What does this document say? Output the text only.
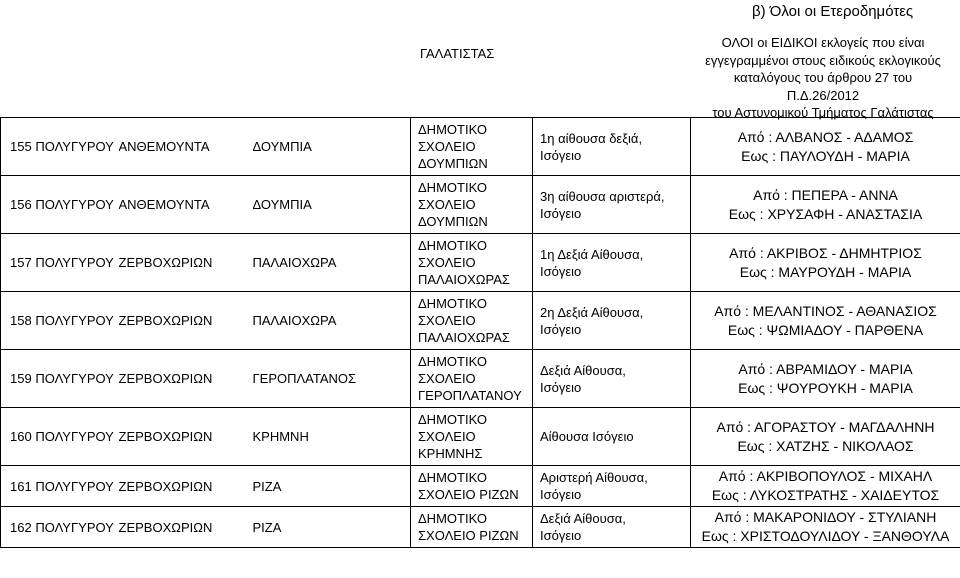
β) Όλοι οι Ετεροδημότες
ΓΑΛΑΤΙΣΤΑΣ
ΟΛΟΙ οι ΕΙΔΙΚΟΙ εκλογείς που είναι
εγγεγραμμένοι στους ειδικούς εκλογικούς
καταλόγους του άρθρου 27 του Π.Δ.26/2012
του Αστυνομικού Τμήματος Γαλάτιστας
155 ΠΟΛΥΓΥΡΟΥ	ΑΝΘΕΜΟΥΝΤΑ	ΔΟΥΜΠΙΑ	ΔΗΜΟΤΙΚΟ
ΣΧΟΛΕΙΟ
ΔΟΥΜΠΙΩΝ	1η αίθουσα δεξιά,
Ισόγειο	Από : ΑΛΒΑΝΟΣ - ΑΔΑΜΟΣ
Εως : ΠΑΥΛΟΥΔΗ - ΜΑΡΙΑ

156 ΠΟΛΥΓΥΡΟΥ	ΑΝΘΕΜΟΥΝΤΑ	ΔΟΥΜΠΙΑ	ΔΗΜΟΤΙΚΟ
ΣΧΟΛΕΙΟ
ΔΟΥΜΠΙΩΝ	3η αίθουσα αριστερά,
Ισόγειο	Από : ΠΕΠΕΡΑ - ΑΝΝΑ
Εως : ΧΡΥΣΑΦΗ - ΑΝΑΣΤΑΣΙΑ

157 ΠΟΛΥΓΥΡΟΥ	ΖΕΡΒΟΧΩΡΙΩΝ	ΠΑΛΑΙΟΧΩΡΑ	ΔΗΜΟΤΙΚΟ
ΣΧΟΛΕΙΟ
ΠΑΛΑΙΟΧΩΡΑΣ	1η Δεξιά Αίθουσα,
Ισόγειο	Από : ΑΚΡΙΒΟΣ - ΔΗΜΗΤΡΙΟΣ
Εως : ΜΑΥΡΟΥΔΗ - ΜΑΡΙΑ

158 ΠΟΛΥΓΥΡΟΥ	ΖΕΡΒΟΧΩΡΙΩΝ	ΠΑΛΑΙΟΧΩΡΑ	ΔΗΜΟΤΙΚΟ
ΣΧΟΛΕΙΟ
ΠΑΛΑΙΟΧΩΡΑΣ	2η Δεξιά Αίθουσα,
Ισόγειο	Από : ΜΕΛΑΝΤΙΝΟΣ - ΑΘΑΝΑΣΙΟΣ
Εως : ΨΩΜΙΑΔΟΥ - ΠΑΡΘΕΝΑ

159 ΠΟΛΥΓΥΡΟΥ	ΖΕΡΒΟΧΩΡΙΩΝ	ΓΕΡΟΠΛΑΤΑΝΟΣ	ΔΗΜΟΤΙΚΟ
ΣΧΟΛΕΙΟ
ΓΕΡΟΠΛΑΤΑΝΟΥ	Δεξιά Αίθουσα,
Ισόγειο	Από : ΑΒΡΑΜΙΔΟΥ - ΜΑΡΙΑ
Εως : ΨΟΥΡΟΥΚΗ - ΜΑΡΙΑ

160 ΠΟΛΥΓΥΡΟΥ	ΖΕΡΒΟΧΩΡΙΩΝ	ΚΡΗΜΝΗ	ΔΗΜΟΤΙΚΟ
ΣΧΟΛΕΙΟ
ΚΡΗΜΝΗΣ	Αίθουσα Ισόγειο	Από : ΑΓΟΡΑΣΤΟΥ - ΜΑΓΔΑΛΗΝΗ
Εως : ΧΑΤΖΗΣ - ΝΙΚΟΛΑΟΣ

161 ΠΟΛΥΓΥΡΟΥ	ΖΕΡΒΟΧΩΡΙΩΝ	ΡΙΖΑ	ΔΗΜΟΤΙΚΟ
ΣΧΟΛΕΙΟ ΡΙΖΩΝ	Αριστερή Αίθουσα,
Ισόγειο	Από : ΑΚΡΙΒΟΠΟΥΛΟΣ - ΜΙΧΑΗΛ
Εως : ΛΥΚΟΣΤΡΑΤΗΣ - ΧΑΙΔΕΥΤΟΣ

162 ΠΟΛΥΓΥΡΟΥ	ΖΕΡΒΟΧΩΡΙΩΝ	ΡΙΖΑ	ΔΗΜΟΤΙΚΟ
ΣΧΟΛΕΙΟ ΡΙΖΩΝ	Δεξιά Αίθουσα,
Ισόγειο	Από : ΜΑΚΑΡΟΝΙΔΟΥ - ΣΤΥΛΙΑΝΗ
Εως : ΧΡΙΣΤΟΔΟΥΛΙΔΟΥ - ΞΑΝΘΟΥΛΑ
